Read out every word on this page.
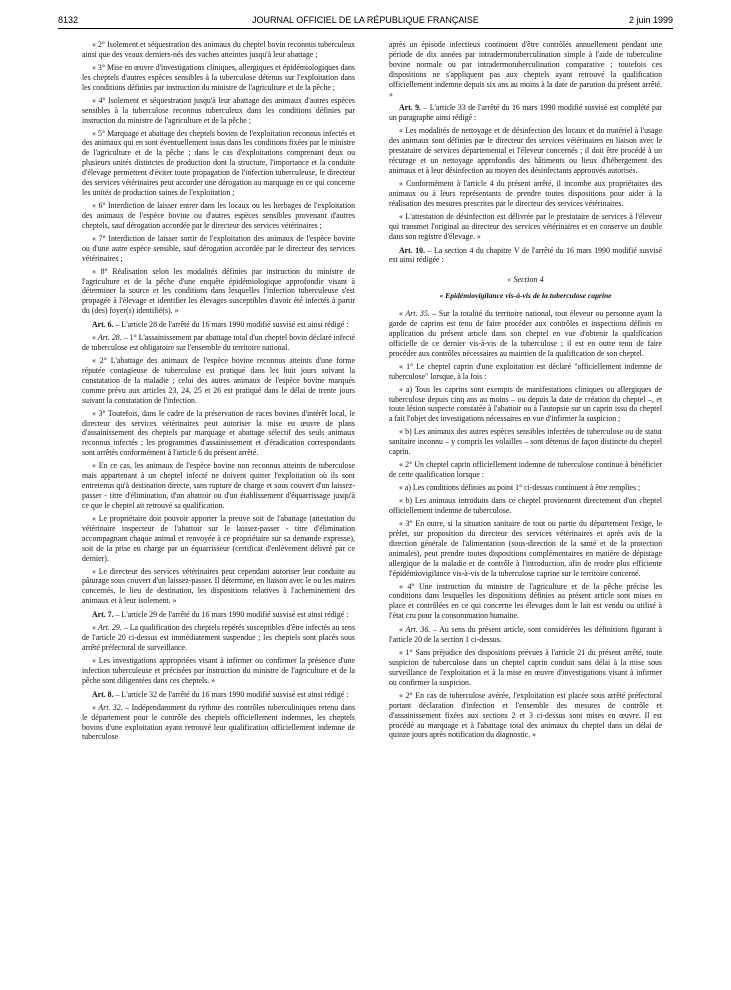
8132	JOURNAL OFFICIEL DE LA RÉPUBLIQUE FRANÇAISE	2 juin 1999

« 2° Isolement et séquestration des animaux du cheptel bovin reconnus tuberculeux ainsi que des veaux derniers-nés des vaches atteintes jusqu'à leur abattage ;

« 3° Mise en œuvre d'investigations cliniques, allergiques et épidémiologiques dans les cheptels d'autres espèces sensibles à la tuberculose détenus sur l'exploitation dans les conditions définies par instruction du ministre de l'agriculture et de la pêche ;

« 4° Isolement et séquestration jusqu'à leur abattage des animaux d'autres espèces sensibles à la tuberculose reconnus tuberculeux dans les conditions définies par instruction du ministre de l'agriculture et de la pêche ;

« 5° Marquage et abattage des cheptels bovins de l'exploitation reconnus infectés et des animaux qui en sont éventuellement issus dans les conditions fixées par le ministre de l'agriculture et de la pêche ; dans le cas d'exploitations comprenant deux ou plusieurs unités distinctes de production dont la structure, l'importance et la conduite d'élevage permettent d'éviter toute propagation de l'infection tuberculeuse, le directeur des services vétérinaires peut accorder une dérogation au marquage en ce qui concerne les unités de production saines de l'exploitation ;

« 6° Interdiction de laisser entrer dans les locaux ou les herbages de l'exploitation des animaux de l'espèce bovine ou d'autres espèces sensibles provenant d'autres cheptels, sauf dérogation accordée par le directeur des services vétérinaires ;

« 7° Interdiction de laisser sortir de l'exploitation des animaux de l'espèce bovine ou d'une autre espèce sensible, sauf dérogation accordée par le directeur des services vétérinaires ;

« 8° Réalisation selon les modalités définies par instruction du ministre de l'agriculture et de la pêche d'une enquête épidémiologique approfondie visant à déterminer la source et les conditions dans lesquelles l'infection tuberculeuse s'est propagée à l'élevage et identifier les élevages susceptibles d'avoir été infectés à partir du (des) foyer(s) identifié(s). »

Art. 6. – L'article 28 de l'arrêté du 16 mars 1990 modifié susvisé est ainsi rédigé :

« Art. 28. – 1° L'assainissement par abattage total d'un cheptel bovin déclaré infecté de tuberculose est obligatoire sur l'ensemble du territoire national.

« 2° L'abattage des animaux de l'espèce bovine reconnus atteints d'une forme réputée contagieuse de tuberculose est pratiqué dans les huit jours suivant la constatation de la maladie ; celui des autres animaux de l'espèce bovine marqués comme prévu aux articles 23, 24, 25 et 26 est pratiqué dans le délai de trente jours suivant la constatation de l'infection.

« 3° Toutefois, dans le cadre de la préservation de races bovines d'intérêt local, le directeur des services vétérinaires peut autoriser la mise en œuvre de plans d'assainissement des cheptels par marquage et abattage sélectif des seuls animaux reconnus infectés ; les programmes d'assainissement et d'éradication correspondants sont arrêtés conformément à l'article 6 du présent arrêté.

« En ce cas, les animaux de l'espèce bovine non reconnus atteints de tuberculose mais appartenant à un cheptel infecté ne doivent quitter l'exploitation où ils sont entretenus qu'à destination directe, sans rupture de charge et sous couvert d'un laissez-passer - titre d'élimination, d'un abattoir ou d'un établissement d'équarrissage jusqu'à ce que le cheptel ait retrouvé sa qualification.

« Le propriétaire doit pouvoir apporter la preuve soit de l'abattage (attestation du vétérinaire inspecteur de l'abattoir sur le laissez-passer - titre d'élimination accompagnant chaque animal et renvoyée à ce propriétaire sur sa demande expresse), soit de la prise en charge par un équarrisseur (certificat d'enlèvement délivré par ce dernier).

« Le directeur des services vétérinaires peut cependant autoriser leur conduite au pâturage sous couvert d'un laissez-passer. Il détermine, en liaison avec le ou les maires concernés, le lieu de destination, les dispositions relatives à l'acheminement des animaux et à leur isolement. »

Art. 7. – L'article 29 de l'arrêté du 16 mars 1990 modifié susvisé est ainsi rédigé :

« Art. 29. – La qualification des cheptels repérés susceptibles d'être infectés au sens de l'article 20 ci-dessus est immédiatement suspendue ; les cheptels sont placés sous arrêté préfectoral de surveillance.

« Les investigations appropriées visant à infirmer ou confirmer la présence d'une infection tuberculeuse et précisées par instruction du ministre de l'agriculture et de la pêche sont diligentées dans ces cheptels. »

Art. 8. – L'article 32 de l'arrêté du 16 mars 1990 modifié susvisé est ainsi rédigé :

« Art. 32. – Indépendamment du rythme des contrôles tuberculiniques retenu dans le département pour le contrôle des cheptels officiellement indemnes, les cheptels bovins d'une exploitation ayant retrouvé leur qualification officiellement indemne de tuberculose

après un épisode infectieux continuent d'être contrôlés annuellement pendant une période de dix années par intradermotuberculination simple à l'aide de tuberculine bovine normale ou par intradermotuberculination comparative ; toutefois ces dispositions ne s'appliquent pas aux cheptels ayant retrouvé la qualification officiellement indemne depuis six ans au moins à la date de parution du présent arrêté. »

Art. 9. – L'article 33 de l'arrêté du 16 mars 1990 modifié susvisé est complété par un paragraphe ainsi rédigé :

« Les modalités de nettoyage et de désinfection des locaux et du matériel à l'usage des animaux sont définies par le directeur des services vétérinaires en liaison avec le prestataire de services départemental et l'éleveur concernés ; il doit être procédé à un récurage et un nettoyage approfondis des bâtiments ou lieux d'hébergement des animaux et à leur désinfection au moyen des désinfectants approuvés autorisés.

« Conformément à l'article 4 du présent arrêté, il incombe aux propriétaires des animaux ou à leurs représentants de prendre toutes dispositions pour aider à la réalisation des mesures prescrites par le directeur des services vétérinaires.

« L'attestation de désinfection est délivrée par le prestataire de services à l'éleveur qui transmet l'original au directeur des services vétérinaires et en conserve un double dans son registre d'élevage. »

Art. 10. – La section 4 du chapitre V de l'arrêté du 16 mars 1990 modifié susvisé est ainsi rédigée :

« Section 4

« Epidémiovigilance vis-à-vis de la tuberculose caprine

« Art. 35. – Sur la totalité du territoire national, tout éleveur ou personne ayant la garde de caprins est tenu de faire procéder aux contrôles et inspections définis en application du présent article dans son cheptel en vue d'obtenir la qualification officielle de ce dernier vis-à-vis de la tuberculose ; il est en outre tenu de faire procéder aux contrôles nécessaires au maintien de la qualification de son cheptel.

« 1° Le cheptel caprin d'une exploitation est déclaré "officiellement indemne de tuberculose" lorsque, à la fois :

« a) Tous les caprins sont exempts de manifestations cliniques ou allergiques de tuberculose depuis cinq ans au moins – ou depuis la date de création du cheptel –, et toute lésion suspecte constatée à l'abattoir ou à l'autopsie sur un caprin issu du cheptel a fait l'objet des investigations nécessaires en vue d'infirmer la suspicion ;

« b) Les animaux des autres espèces sensibles infectées de tuberculose ou de statut sanitaire inconnu – y compris les volailles – sont détenus de façon distincte du cheptel caprin.

« 2° Un cheptel caprin officiellement indemne de tuberculose continue à bénéficier de cette qualification lorsque :

« a) Les conditions définies au point 1° ci-dessus continuent à être remplies ;

« b) Les animaux introduits dans ce cheptel proviennent directement d'un cheptel officiellement indemne de tuberculose.

« 3° En outre, si la situation sanitaire de tout ou partie du département l'exige, le préfet, sur proposition du directeur des services vétérinaires et après avis de la direction générale de l'alimentation (sous-direction de la santé et de la protection animales), peut prendre toutes dispositions complémentaires en matière de dépistage allergique de la maladie et de contrôle à l'introduction, afin de rendre plus efficiente l'épidémiovigilance vis-à-vis de la tuberculose caprine sur le territoire concerné.

« 4° Une instruction du ministre de l'agriculture et de la pêche précise les conditions dans lesquelles les dispositions définies au présent article sont mises en place et contrôlées en ce qui concerne les élevages dont le lait est vendu ou utilisé à l'état cru pour la consommation humaine.

« Art. 36. – Au sens du présent article, sont considérées les définitions figurant à l'article 20 de la section 1 ci-dessus.

« 1° Sans préjudice des dispositions prévues à l'article 21 du présent arrêté, toute suspicion de tuberculose dans un cheptel caprin conduit sans délai à la mise sous surveillance de l'exploitation et à la mise en œuvre d'investigations visant à infirmer ou confirmer la suspicion.

« 2° En cas de tuberculose avérée, l'exploitation est placée sous arrêté préfectoral portant déclaration d'infection et l'ensemble des mesures de contrôle et d'assainissement fixées aux sections 2 et 3 ci-dessus sont mises en œuvre. Il est procédé au marquage et à l'abattage total des animaux du cheptel dans un délai de quinze jours après notification du diagnostic. »
